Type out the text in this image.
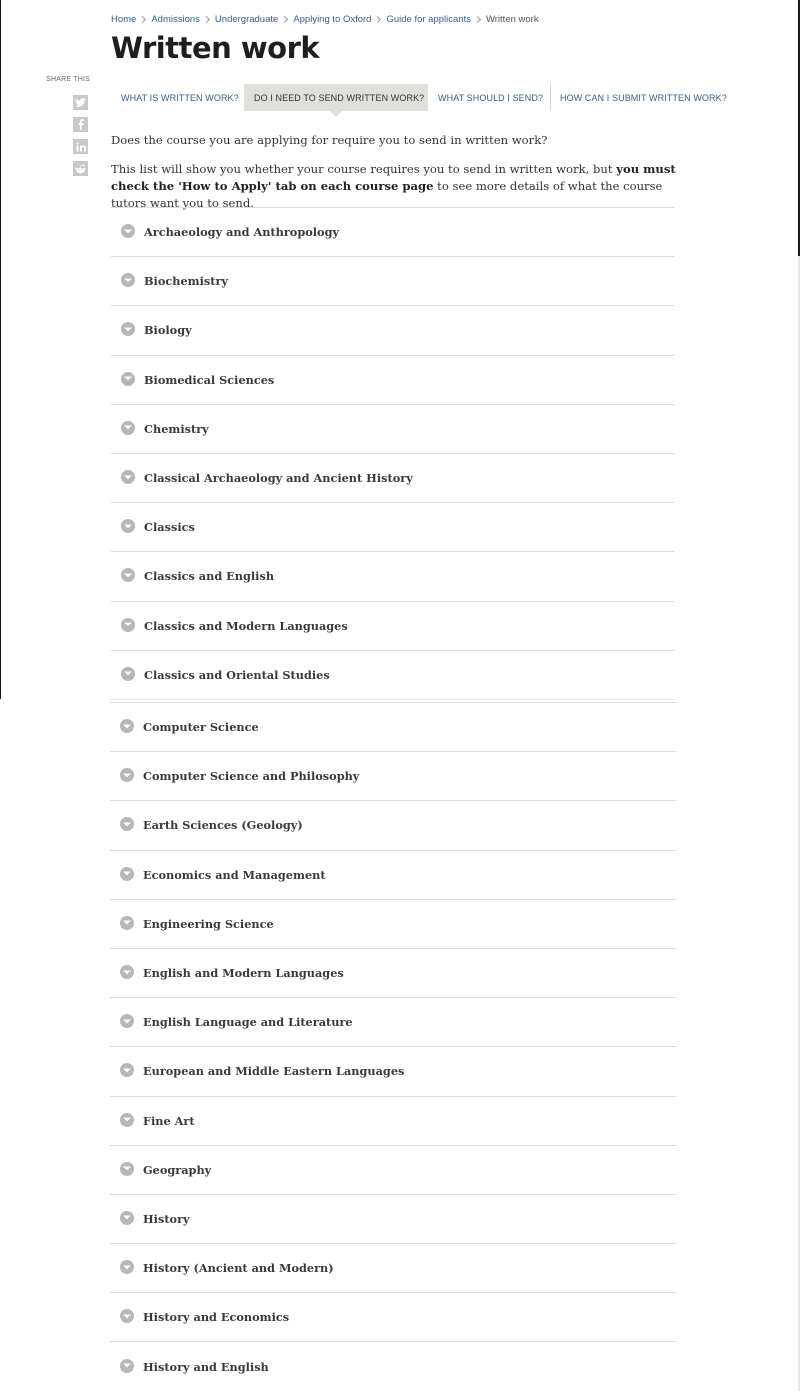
Home Admissions Undergraduate Applying to Oxford Guide for applicants Written work
Written work
SHARE THIS
WHAT IS WRITTEN WORK?	DO I NEED TO SEND WRITTEN WORK?	WHAT SHOULD I SEND?	HOW CAN I SUBMIT WRITTEN WORK?

Does the course you are applying for require you to send in written work?

This list will show you whether your course requires you to send in written work, but you must check the 'How to Apply' tab on each course page to see more details of what the course tutors want you to send.

Archaeology and Anthropology
Biochemistry
Biology
Biomedical Sciences
Chemistry
Classical Archaeology and Ancient History
Classics
Classics and English
Classics and Modern Languages
Classics and Oriental Studies
Computer Science
Computer Science and Philosophy
Earth Sciences (Geology)
Economics and Management
Engineering Science
English and Modern Languages
English Language and Literature
European and Middle Eastern Languages
Fine Art
Geography
History
History (Ancient and Modern)
History and Economics
History and English
